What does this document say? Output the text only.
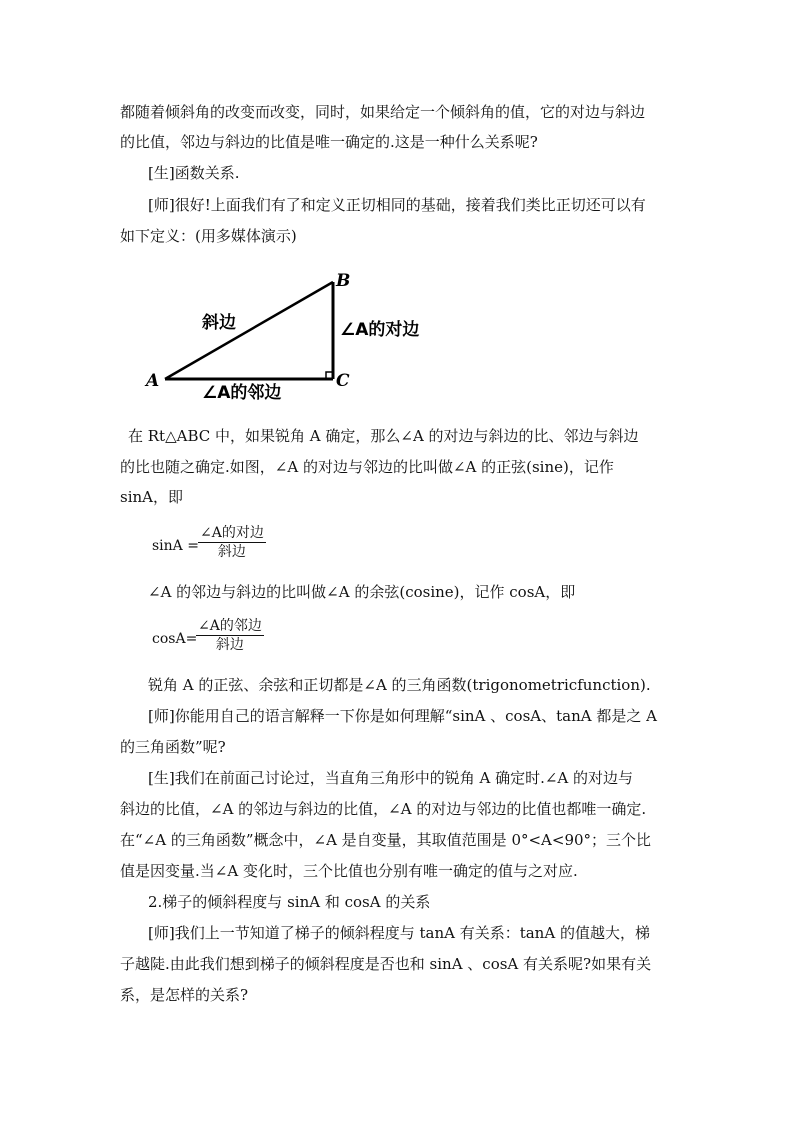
都随着倾斜角的改变而改变，同时，如果给定一个倾斜角的值，它的对边与斜边
的比值，邻边与斜边的比值是唯一确定的.这是一种什么关系呢?
[生]函数关系.
[师]很好!上面我们有了和定义正切相同的基础，接着我们类比正切还可以有
如下定义：(用多媒体演示)
A
B
C
斜边	∠A的对边
∠A的邻边
在 Rt△ABC 中，如果锐角 A 确定，那么∠A 的对边与斜边的比、邻边与斜边
的比也随之确定.如图，∠A 的对边与邻边的比叫做∠A 的正弦(sine)，记作
sinA，即
sinA =
∠A的对边
斜边
∠A 的邻边与斜边的比叫做∠A 的余弦(cosine)，记作 cosA，即
cosA=
∠A的邻边
斜边
锐角 A 的正弦、余弦和正切都是∠A 的三角函数(trigonometricfunction).
[师]你能用自己的语言解释一下你是如何理解“sinA 、cosA、tanA 都是之 A
的三角函数”呢?
[生]我们在前面己讨论过，当直角三角形中的锐角 A 确定时.∠A 的对边与
斜边的比值，∠A 的邻边与斜边的比值，∠A 的对边与邻边的比值也都唯一确定.
在“∠A 的三角函数”概念中，∠A 是自变量，其取值范围是 0°<A<90°；三个比
值是因变量.当∠A 变化时，三个比值也分别有唯一确定的值与之对应.
2.梯子的倾斜程度与 sinA 和 cosA 的关系
[师]我们上一节知道了梯子的倾斜程度与 tanA 有关系：tanA 的值越大，梯
子越陡.由此我们想到梯子的倾斜程度是否也和 sinA 、cosA 有关系呢?如果有关
系，是怎样的关系?
